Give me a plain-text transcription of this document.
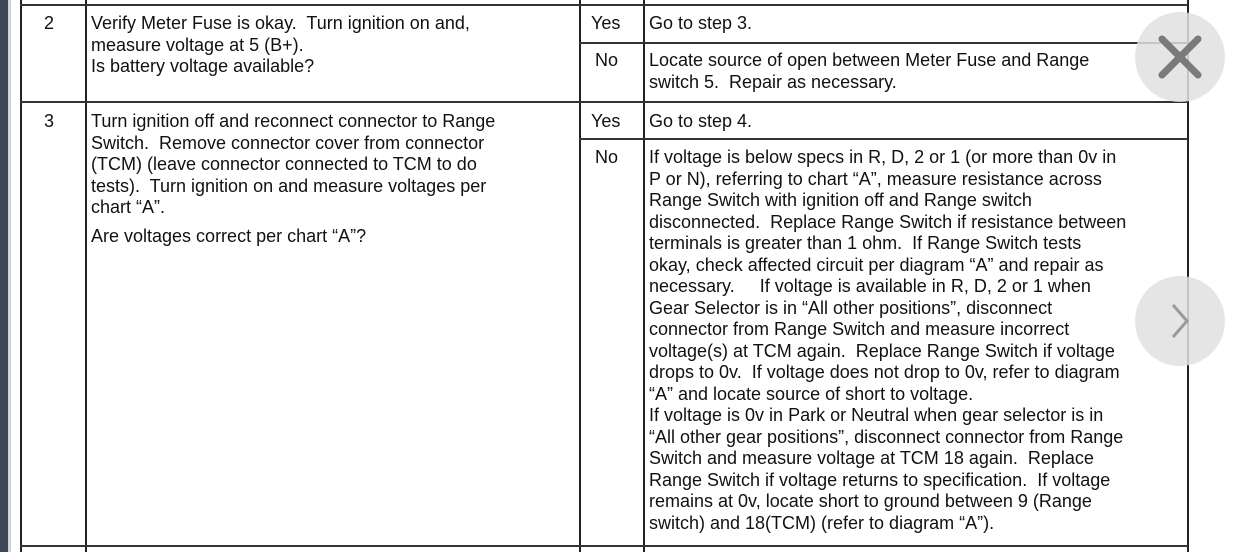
2 Verify Meter Fuse is okay.  Turn ignition on and,
measure voltage at 5 (B+).
Is battery voltage available?
Yes Go to step 3.
No Locate source of open between Meter Fuse and Range
switch 5.  Repair as necessary.
3 Turn ignition off and reconnect connector to Range
Switch.  Remove connector cover from connector
(TCM) (leave connector connected to TCM to do
tests).  Turn ignition on and measure voltages per
chart “A”.
Are voltages correct per chart “A”?
Yes Go to step 4.
No If voltage is below specs in R, D, 2 or 1 (or more than 0v in
P or N), referring to chart “A”, measure resistance across
Range Switch with ignition off and Range switch
disconnected.  Replace Range Switch if resistance between
terminals is greater than 1 ohm.  If Range Switch tests
okay, check affected circuit per diagram “A” and repair as
necessary.     If voltage is available in R, D, 2 or 1 when
Gear Selector is in “All other positions”, disconnect
connector from Range Switch and measure incorrect
voltage(s) at TCM again.  Replace Range Switch if voltage
drops to 0v.  If voltage does not drop to 0v, refer to diagram
“A” and locate source of short to voltage.
If voltage is 0v in Park or Neutral when gear selector is in
“All other gear positions”, disconnect connector from Range
Switch and measure voltage at TCM 18 again.  Replace
Range Switch if voltage returns to specification.  If voltage
remains at 0v, locate short to ground between 9 (Range
switch) and 18(TCM) (refer to diagram “A”).
